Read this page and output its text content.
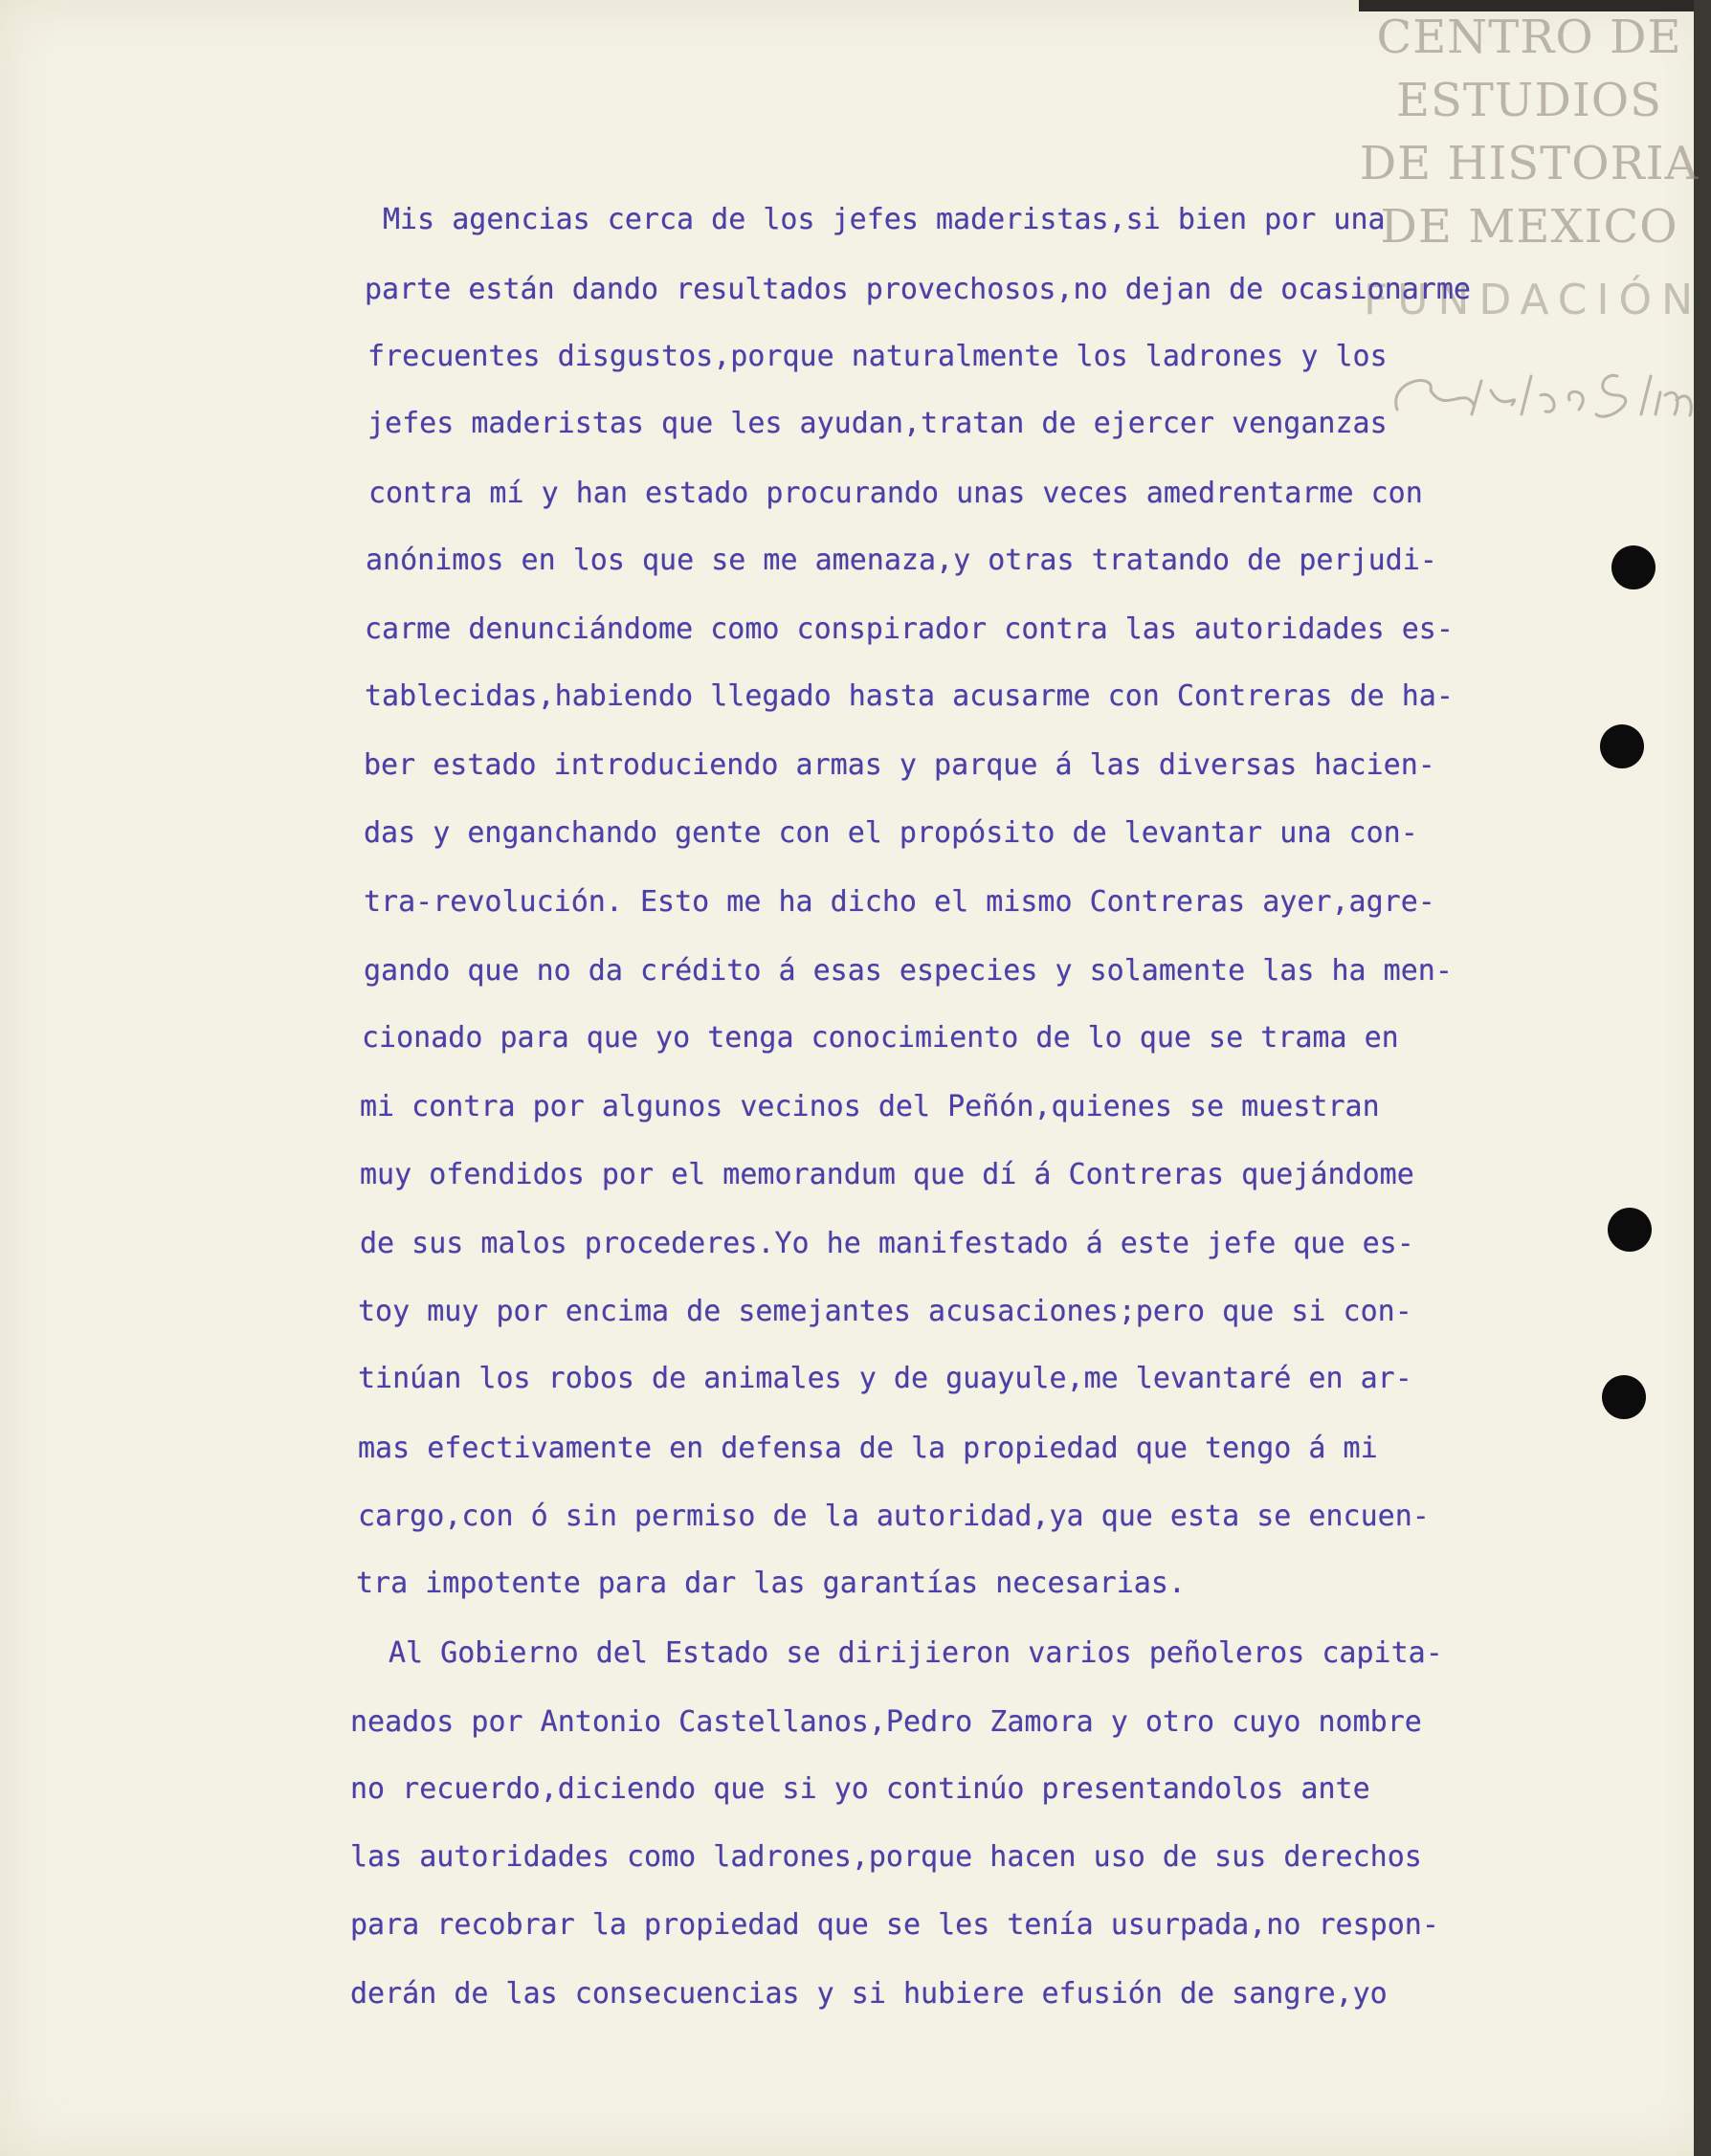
CENTRO DE
ESTUDIOS
DE HISTORIA
DE MEXICO
FUNDACIÓN
Mis agencias cerca de los jefes maderistas,si bien por una
parte están dando resultados provechosos,no dejan de ocasionarme
frecuentes disgustos,porque naturalmente los ladrones y los
jefes maderistas que les ayudan,tratan de ejercer venganzas
contra mí y han estado procurando unas veces amedrentarme con
anónimos en los que se me amenaza,y otras tratando de perjudi-
carme denunciándome como conspirador contra las autoridades es-
tablecidas,habiendo llegado hasta acusarme con Contreras de ha-
ber estado introduciendo armas y parque á las diversas hacien-
das y enganchando gente con el propósito de levantar una con-
tra-revolución. Esto me ha dicho el mismo Contreras ayer,agre-
gando que no da crédito á esas especies y solamente las ha men-
cionado para que yo tenga conocimiento de lo que se trama en
mi contra por algunos vecinos del Peñón,quienes se muestran
muy ofendidos por el memorandum que dí á Contreras quejándome
de sus malos procederes.Yo he manifestado á este jefe que es-
toy muy por encima de semejantes acusaciones;pero que si con-
tinúan los robos de animales y de guayule,me levantaré en ar-
mas efectivamente en defensa de la propiedad que tengo á mi
cargo,con ó sin permiso de la autoridad,ya que esta se encuen-
tra impotente para dar las garantías necesarias.
Al Gobierno del Estado se dirijieron varios peñoleros capita-
neados por Antonio Castellanos,Pedro Zamora y otro cuyo nombre
no recuerdo,diciendo que si yo continúo presentandolos ante
las autoridades como ladrones,porque hacen uso de sus derechos
para recobrar la propiedad que se les tenía usurpada,no respon-
derán de las consecuencias y si hubiere efusión de sangre,yo
